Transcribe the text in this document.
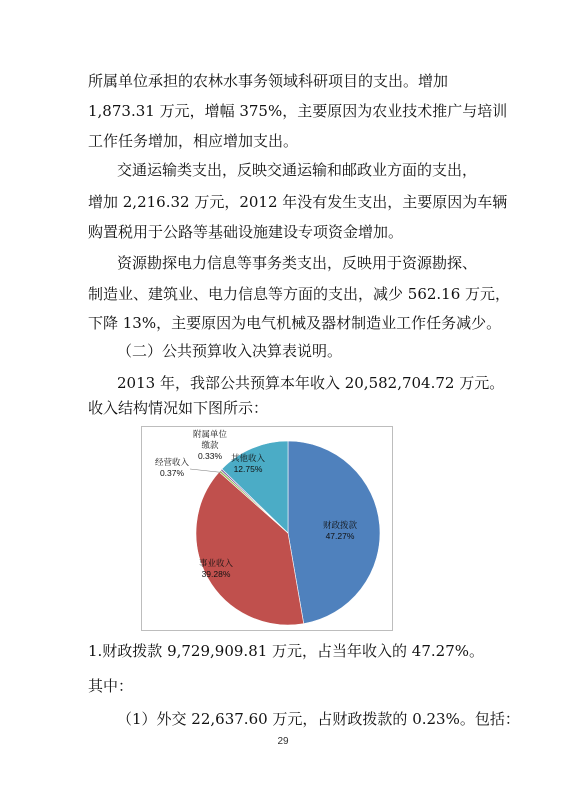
所属单位承担的农林水事务领域科研项目的支出。增加
1,873.31 万元，增幅 375%，主要原因为农业技术推广与培训
工作任务增加，相应增加支出。
交通运输类支出，反映交通运输和邮政业方面的支出，
增加 2,216.32 万元，2012 年没有发生支出，主要原因为车辆
购置税用于公路等基础设施建设专项资金增加。
资源勘探电力信息等事务类支出，反映用于资源勘探、
制造业、建筑业、电力信息等方面的支出，减少 562.16 万元，
下降 13%，主要原因为电气机械及器材制造业工作任务减少。
（二）公共预算收入决算表说明。
2013 年，我部公共预算本年收入 20,582,704.72 万元。
财政拨款
47.27%
事业收入
39.28%
经营收入
0.37%
附属单位
缴款
0.33% 其他收入
12.75%
1.财政拨款 9,729,909.81 万元，占当年收入的 47.27%。
其中：
（1）外交 22,637.60 万元，占财政拨款的 0.23%。包括：
29
收入结构情况如下图所示：
